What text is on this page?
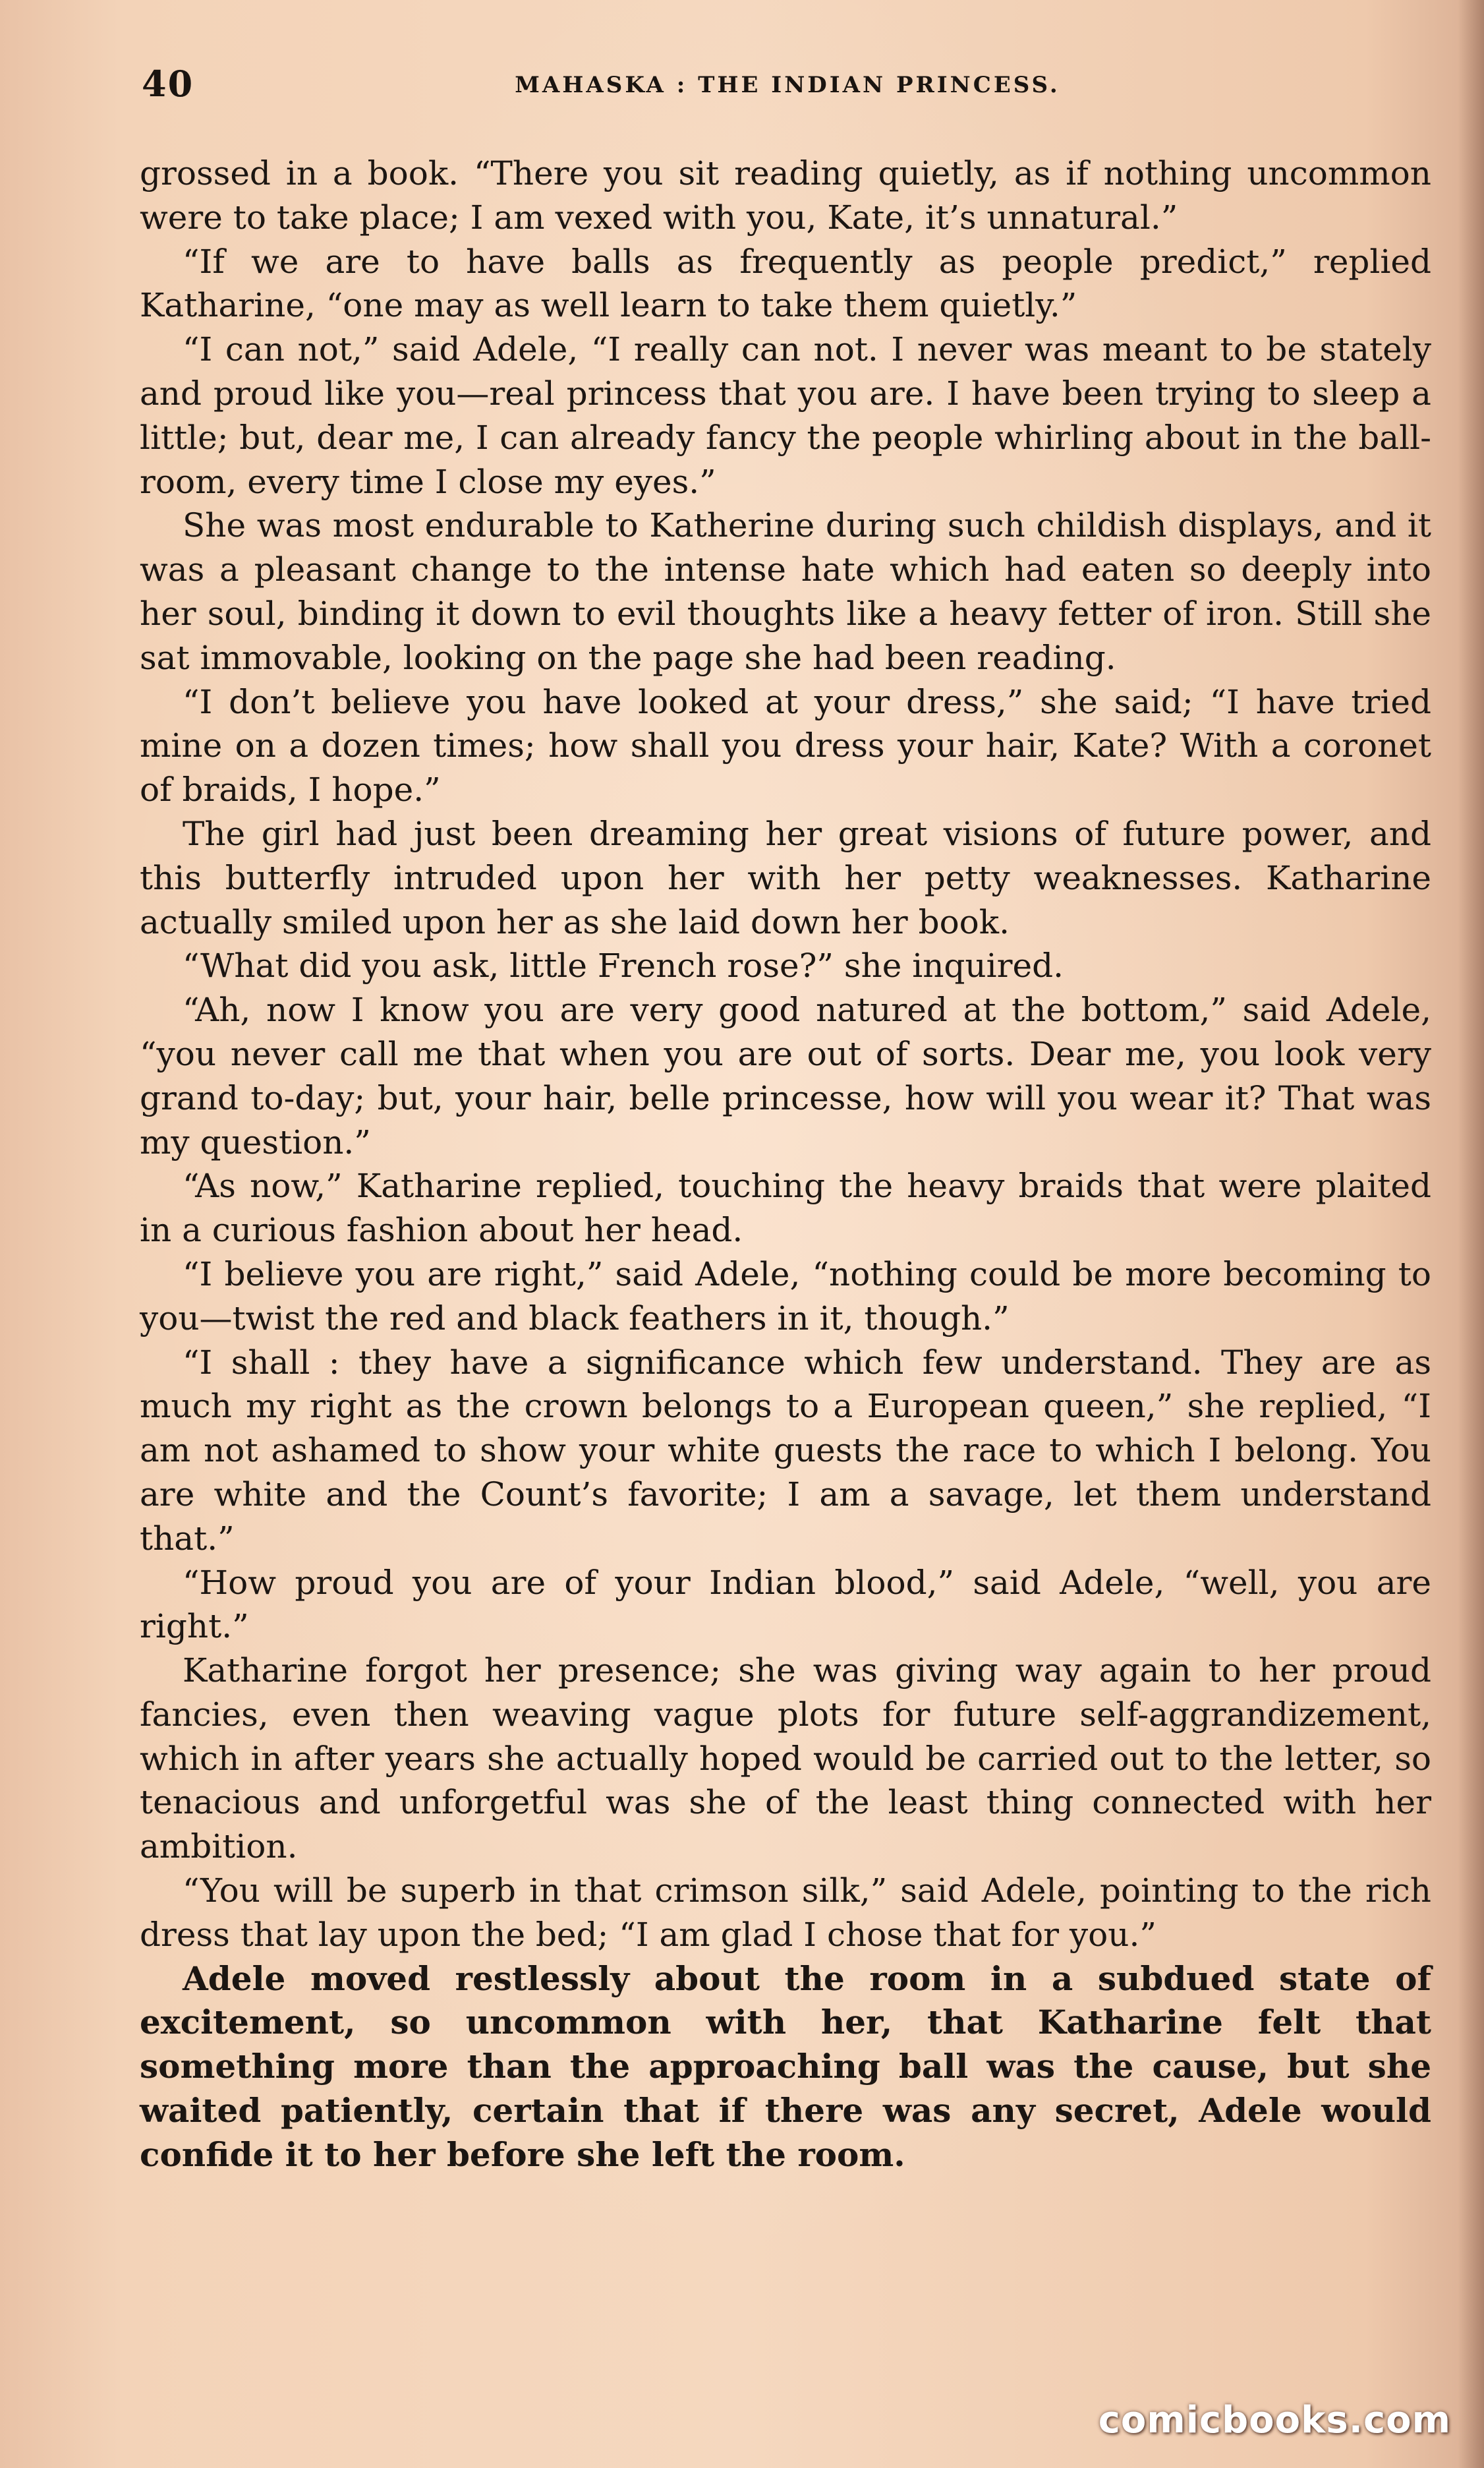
40	MAHASKA : THE INDIAN PRINCESS.

grossed in a book. “There you sit reading quietly, as if nothing uncommon were to take place; I am vexed with you, Kate, it’s unnatural.”

“If we are to have balls as frequently as people predict,” replied Katharine, “one may as well learn to take them quietly.”

“I can not,” said Adele, “I really can not. I never was meant to be stately and proud like you—real princess that you are. I have been trying to sleep a little; but, dear me, I can already fancy the people whirling about in the ball-room, every time I close my eyes.”

She was most endurable to Katherine during such childish displays, and it was a pleasant change to the intense hate which had eaten so deeply into her soul, binding it down to evil thoughts like a heavy fetter of iron. Still she sat immovable, looking on the page she had been reading.

“I don’t believe you have looked at your dress,” she said; “I have tried mine on a dozen times; how shall you dress your hair, Kate? With a coronet of braids, I hope.”

The girl had just been dreaming her great visions of future power, and this butterfly intruded upon her with her petty weaknesses. Katharine actually smiled upon her as she laid down her book.

“What did you ask, little French rose?” she inquired.

“Ah, now I know you are very good natured at the bottom,” said Adele, “you never call me that when you are out of sorts. Dear me, you look very grand to-day; but, your hair, belle princesse, how will you wear it? That was my question.”

“As now,” Katharine replied, touching the heavy braids that were plaited in a curious fashion about her head.

“I believe you are right,” said Adele, “nothing could be more becoming to you—twist the red and black feathers in it, though.”

“I shall : they have a significance which few understand. They are as much my right as the crown belongs to a European queen,” she replied, “I am not ashamed to show your white guests the race to which I belong. You are white and the Count’s favorite; I am a savage, let them understand that.”

“How proud you are of your Indian blood,” said Adele, “well, you are right.”

Katharine forgot her presence; she was giving way again to her proud fancies, even then weaving vague plots for future self-aggrandizement, which in after years she actually hoped would be carried out to the letter, so tenacious and unforgetful was she of the least thing connected with her ambition.

“You will be superb in that crimson silk,” said Adele, pointing to the rich dress that lay upon the bed; “I am glad I chose that for you.”

Adele moved restlessly about the room in a subdued state of excitement, so uncommon with her, that Katharine felt that something more than the approaching ball was the cause, but she waited patiently, certain that if there was any secret, Adele would confide it to her before she left the room.

comicbooks.com
